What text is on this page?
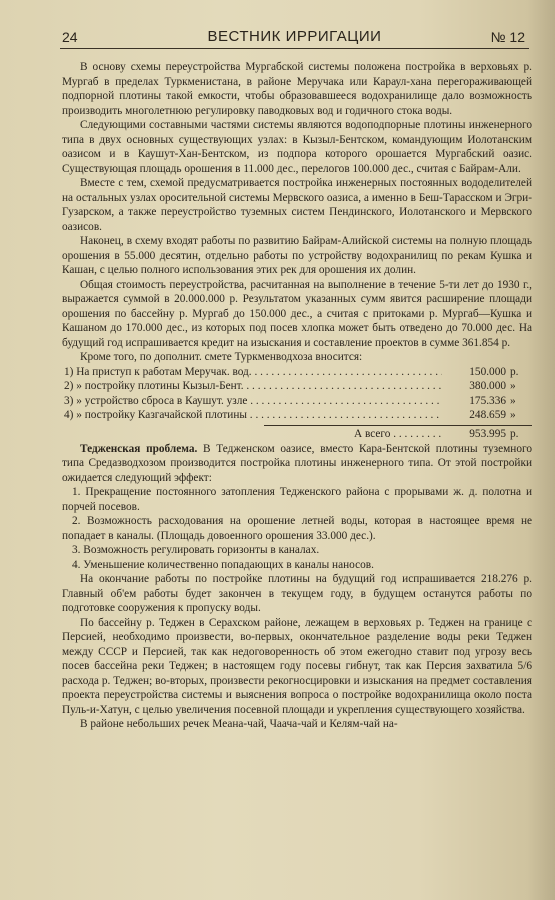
24	ВЕСТНИК ИРРИГАЦИИ	№ 12

В основу схемы переустройства Мургабской системы положена постройка в верховьях р. Мургаб в пределах Туркменистана, в районе Меручака или Караул-хана перегораживающей подпорной плотины такой емкости, чтобы образовавшееся водохранилище дало возможность производить многолетнюю регулировку паводковых вод и годичного стока воды.

Следующими составными частями системы являются водоподпорные плотины инженерного типа в двух основных существующих узлах: в Кызыл-Бентском, командующим Иолотанским оазисом и в Каушут-Хан-Бентском, из подпора которого орошается Мургабский оазис. Существующая площадь орошения в 11.000 дес., перелогов 100.000 дес., считая с Байрам-Али.

Вместе с тем, схемой предусматривается постройка инженерных постоянных вододелителей на остальных узлах оросительной системы Мервского оазиса, а именно в Беш-Тарасском и Эгри-Гузарском, а также переустройство туземных систем Пендинского, Иолотанского и Мервского оазисов.

Наконец, в схему входят работы по развитию Байрам-Алийской системы на полную площадь орошения в 55.000 десятин, отдельно работы по устройству водохранилищ по рекам Кушка и Кашан, с целью полного использования этих рек для орошения их долин.

Общая стоимость переустройства, расчитанная на выполнение в течение 5-ти лет до 1930 г., выражается суммой в 20.000.000 р. Результатом указанных сумм явится расширение площади орошения по бассейну р. Мургаб до 150.000 дес., а считая с притоками р. Мургаб—Кушка и Кашаном до 170.000 дес., из которых под посев хлопка может быть отведено до 70.000 дес. На будущий год испрашивается кредит на изыскания и составление проектов в сумме 361.854 р.

Кроме того, по дополнит. смете Туркменводхоза вносится:

1) На приступ к работам Меручак. вод. . . .	150.000 р.
2) » постройку плотины Кызыл-Бент. . . .	380.000 »
3) » устройство сброса в Каушут. узле . . .	175.336 »
4) » постройку Казгачайской плотины . . .	248.659 »
А всего . . .	953.995 р.

Тедженская проблема. В Тедженском оазисе, вместо Кара-Бентской плотины туземного типа Средазводхозом производится постройка плотины инженерного типа. От этой постройки ожидается следующий эффект:

1. Прекращение постоянного затопления Тедженского района с прорывами ж. д. полотна и порчей посевов.

2. Возможность расходования на орошение летней воды, которая в настоящее время не попадает в каналы. (Площадь довоенного орошения 33.000 дес.).

3. Возможность регулировать горизонты в каналах.

4. Уменьшение количественно попадающих в каналы наносов.

На окончание работы по постройке плотины на будущий год испрашивается 218.276 р. Главный об'ем работы будет закончен в текущем году, в будущем останутся работы по подготовке сооружения к пропуску воды.

По бассейну р. Теджен в Серахском районе, лежащем в верховьях р. Теджен на границе с Персией, необходимо произвести, во-первых, окончательное разделение воды реки Теджен между СССР и Персией, так как недоговоренность об этом ежегодно ставит под угрозу весь посев бассейна реки Теджен; в настоящем году посевы гибнут, так как Персия захватила 5/6 расхода р. Теджен; во-вторых, произвести рекогносцировки и изыскания на предмет составления проекта переустройства системы и выяснения вопроса о постройке водохранилища около поста Пуль-и-Хатун, с целью увеличения посевной площади и укрепления существующего хозяйства.

В районе небольших речек Меана-чай, Чаача-чай и Келям-чай на-
